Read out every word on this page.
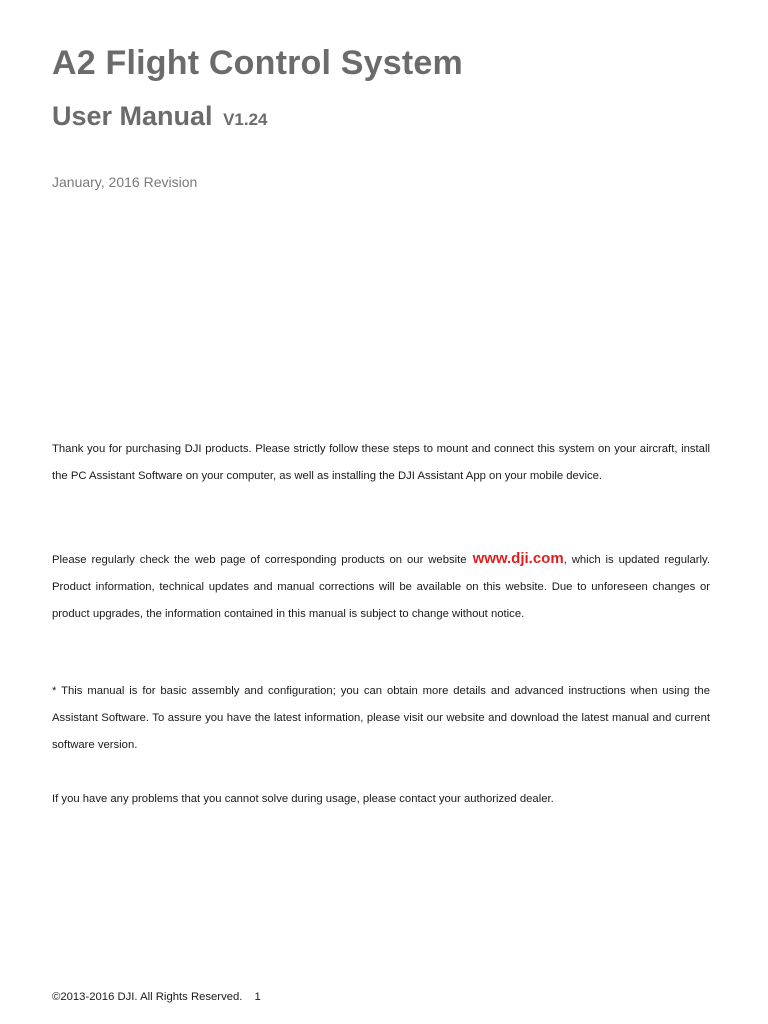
A2 Flight Control System
User Manual V1.24
January, 2016 Revision

Thank you for purchasing DJI products. Please strictly follow these steps to mount and connect this system on your aircraft, install the PC Assistant Software on your computer, as well as installing the DJI Assistant App on your mobile device.

Please regularly check the web page of corresponding products on our website www.dji.com, which is updated regularly. Product information, technical updates and manual corrections will be available on this website. Due to unforeseen changes or product upgrades, the information contained in this manual is subject to change without notice.

* This manual is for basic assembly and configuration; you can obtain more details and advanced instructions when using the Assistant Software. To assure you have the latest information, please visit our website and download the latest manual and current software version.

If you have any problems that you cannot solve during usage, please contact your authorized dealer.

©2013-2016 DJI. All Rights Reserved. 1
